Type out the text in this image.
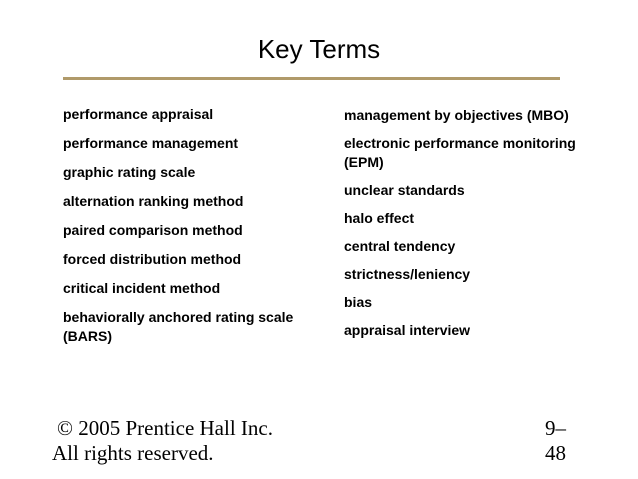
Key Terms
performance appraisal
performance management
graphic rating scale
alternation ranking method
paired comparison method
forced distribution method
critical incident method
behaviorally anchored rating scale (BARS)
management by objectives (MBO)
electronic performance monitoring (EPM)
unclear standards
halo effect
central tendency
strictness/leniency
bias
appraisal interview
© 2005 Prentice Hall Inc.
All rights reserved.
9–
48
